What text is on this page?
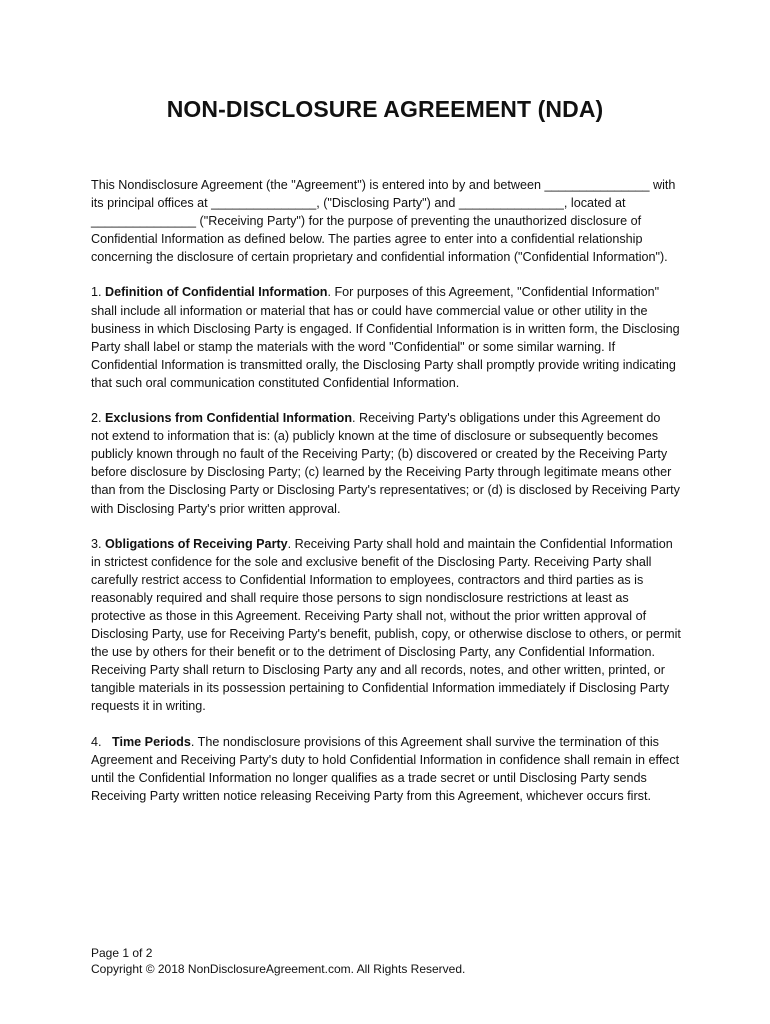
NON-DISCLOSURE AGREEMENT (NDA)

This Nondisclosure Agreement (the "Agreement") is entered into by and between _______________ with its principal offices at _______________, ("Disclosing Party") and _______________, located at _______________ ("Receiving Party") for the purpose of preventing the unauthorized disclosure of Confidential Information as defined below. The parties agree to enter into a confidential relationship concerning the disclosure of certain proprietary and confidential information ("Confidential Information").

1. Definition of Confidential Information. For purposes of this Agreement, "Confidential Information" shall include all information or material that has or could have commercial value or other utility in the business in which Disclosing Party is engaged. If Confidential Information is in written form, the Disclosing Party shall label or stamp the materials with the word "Confidential" or some similar warning. If Confidential Information is transmitted orally, the Disclosing Party shall promptly provide writing indicating that such oral communication constituted Confidential Information.

2. Exclusions from Confidential Information. Receiving Party's obligations under this Agreement do not extend to information that is: (a) publicly known at the time of disclosure or subsequently becomes publicly known through no fault of the Receiving Party; (b) discovered or created by the Receiving Party before disclosure by Disclosing Party; (c) learned by the Receiving Party through legitimate means other than from the Disclosing Party or Disclosing Party's representatives; or (d) is disclosed by Receiving Party with Disclosing Party's prior written approval.

3. Obligations of Receiving Party. Receiving Party shall hold and maintain the Confidential Information in strictest confidence for the sole and exclusive benefit of the Disclosing Party. Receiving Party shall carefully restrict access to Confidential Information to employees, contractors and third parties as is reasonably required and shall require those persons to sign nondisclosure restrictions at least as protective as those in this Agreement. Receiving Party shall not, without the prior written approval of Disclosing Party, use for Receiving Party's benefit, publish, copy, or otherwise disclose to others, or permit the use by others for their benefit or to the detriment of Disclosing Party, any Confidential Information. Receiving Party shall return to Disclosing Party any and all records, notes, and other written, printed, or tangible materials in its possession pertaining to Confidential Information immediately if Disclosing Party requests it in writing.

4. Time Periods. The nondisclosure provisions of this Agreement shall survive the termination of this Agreement and Receiving Party's duty to hold Confidential Information in confidence shall remain in effect until the Confidential Information no longer qualifies as a trade secret or until Disclosing Party sends Receiving Party written notice releasing Receiving Party from this Agreement, whichever occurs first.

Page 1 of 2
Copyright © 2018 NonDisclosureAgreement.com. All Rights Reserved.
